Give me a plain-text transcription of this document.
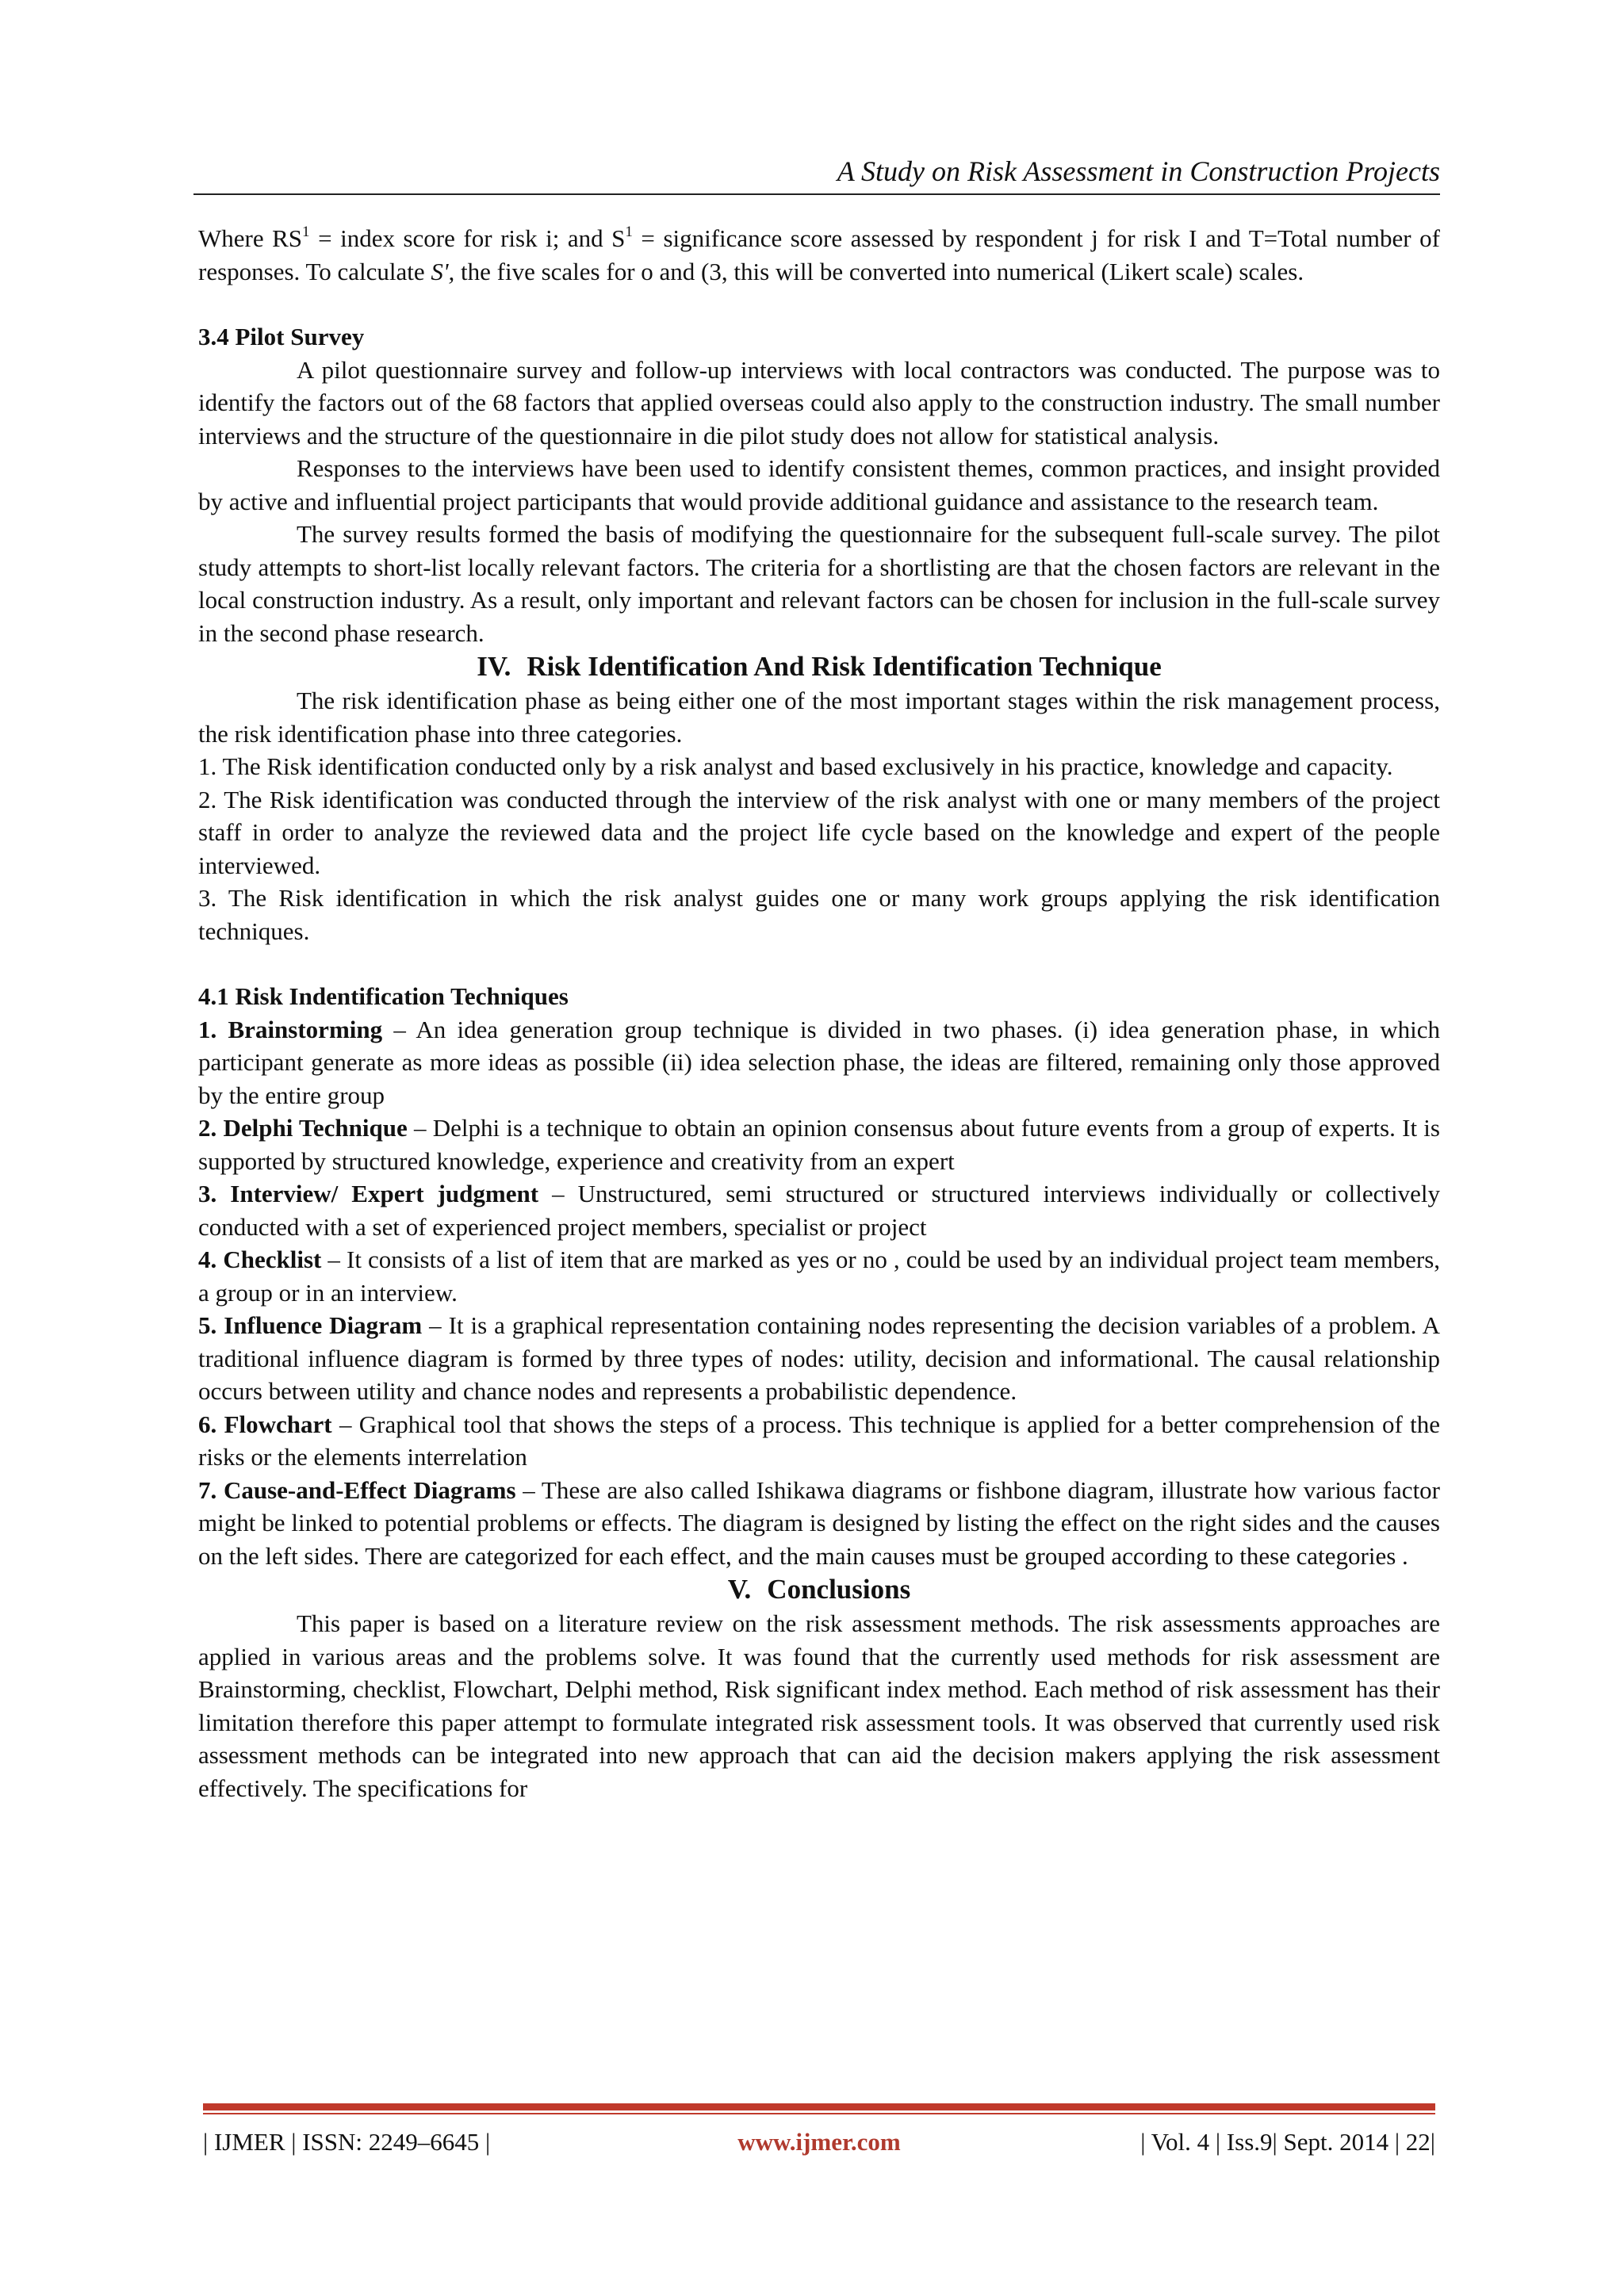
A Study on Risk Assessment in Construction Projects

Where $RS^1$ = index score for risk i; and $S^1$ = significance score assessed by respondent j for risk I and T=Total number of responses. To calculate S', the five scales for o and (3, this will be converted into numerical (Likert scale) scales.

3.4 Pilot Survey

A pilot questionnaire survey and follow-up interviews with local contractors was conducted. The purpose was to identify the factors out of the 68 factors that applied overseas could also apply to the construction industry. The small number interviews and the structure of the questionnaire in die pilot study does not allow for statistical analysis.

Responses to the interviews have been used to identify consistent themes, common practices, and insight provided by active and influential project participants that would provide additional guidance and assistance to the research team.

The survey results formed the basis of modifying the questionnaire for the subsequent full-scale survey. The pilot study attempts to short-list locally relevant factors. The criteria for a shortlisting are that the chosen factors are relevant in the local construction industry. As a result, only important and relevant factors can be chosen for inclusion in the full-scale survey in the second phase research.

IV. Risk Identification And Risk Identification Technique

The risk identification phase as being either one of the most important stages within the risk management process, the risk identification phase into three categories.

1. The Risk identification conducted only by a risk analyst and based exclusively in his practice, knowledge and capacity.

2. The Risk identification was conducted through the interview of the risk analyst with one or many members of the project staff in order to analyze the reviewed data and the project life cycle based on the knowledge and expert of the people interviewed.

3. The Risk identification in which the risk analyst guides one or many work groups applying the risk identification techniques.

4.1 Risk Indentification Techniques

1. Brainstorming – An idea generation group technique is divided in two phases. (i) idea generation phase, in which participant generate as more ideas as possible (ii) idea selection phase, the ideas are filtered, remaining only those approved by the entire group

2. Delphi Technique – Delphi is a technique to obtain an opinion consensus about future events from a group of experts. It is supported by structured knowledge, experience and creativity from an expert

3. Interview/ Expert judgment – Unstructured, semi structured or structured interviews individually or collectively conducted with a set of experienced project members, specialist or project

4. Checklist – It consists of a list of item that are marked as yes or no , could be used by an individual project team members, a group or in an interview.

5. Influence Diagram – It is a graphical representation containing nodes representing the decision variables of a problem. A traditional influence diagram is formed by three types of nodes: utility, decision and informational. The causal relationship occurs between utility and chance nodes and represents a probabilistic dependence.

6. Flowchart – Graphical tool that shows the steps of a process. This technique is applied for a better comprehension of the risks or the elements interrelation

7. Cause-and-Effect Diagrams – These are also called Ishikawa diagrams or fishbone diagram, illustrate how various factor might be linked to potential problems or effects. The diagram is designed by listing the effect on the right sides and the causes on the left sides. There are categorized for each effect, and the main causes must be grouped according to these categories .

V. Conclusions

This paper is based on a literature review on the risk assessment methods. The risk assessments approaches are applied in various areas and the problems solve. It was found that the currently used methods for risk assessment are Brainstorming, checklist, Flowchart, Delphi method, Risk significant index method. Each method of risk assessment has their limitation therefore this paper attempt to formulate integrated risk assessment tools. It was observed that currently used risk assessment methods can be integrated into new approach that can aid the decision makers applying the risk assessment effectively. The specifications for

| IJMER | ISSN: 2249–6645 |	www.ijmer.com	| Vol. 4 | Iss.9| Sept. 2014 | 22|
